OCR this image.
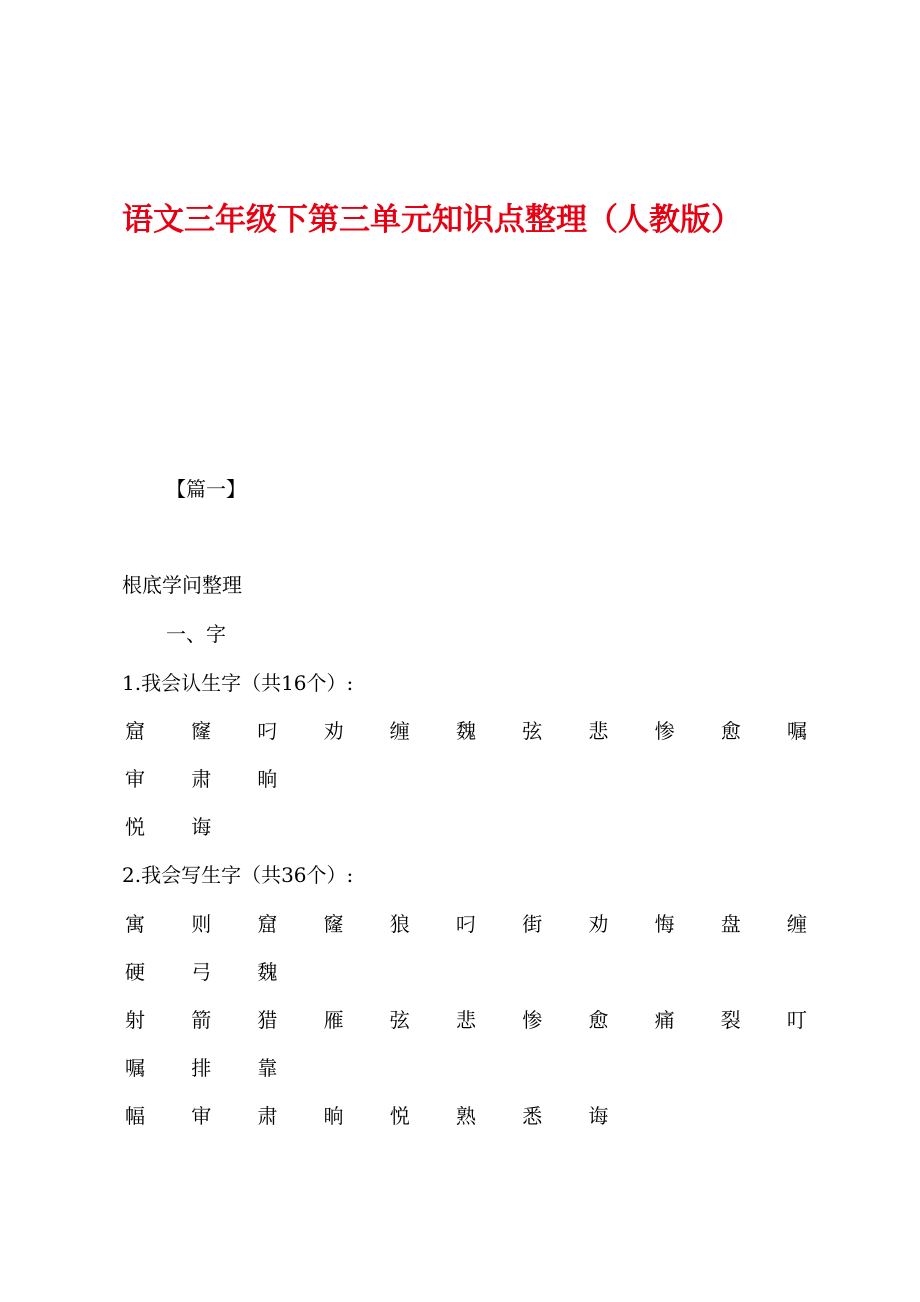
语文三年级下第三单元知识点整理（人教版）
【篇一】
根底学问整理
一、字
1.我会认生字（共16个）:
窟 窿 叼 劝 缠 魏 弦 悲 惨 愈 嘱
审 肃 晌
悦 诲
2.我会写生字（共36个）:
寓 则 窟 窿 狼 叼 街 劝 悔 盘 缠
硬 弓 魏
射 箭 猎 雁 弦 悲 惨 愈 痛 裂 叮
嘱 排 靠
幅 审 肃 晌 悦 熟 悉 诲
